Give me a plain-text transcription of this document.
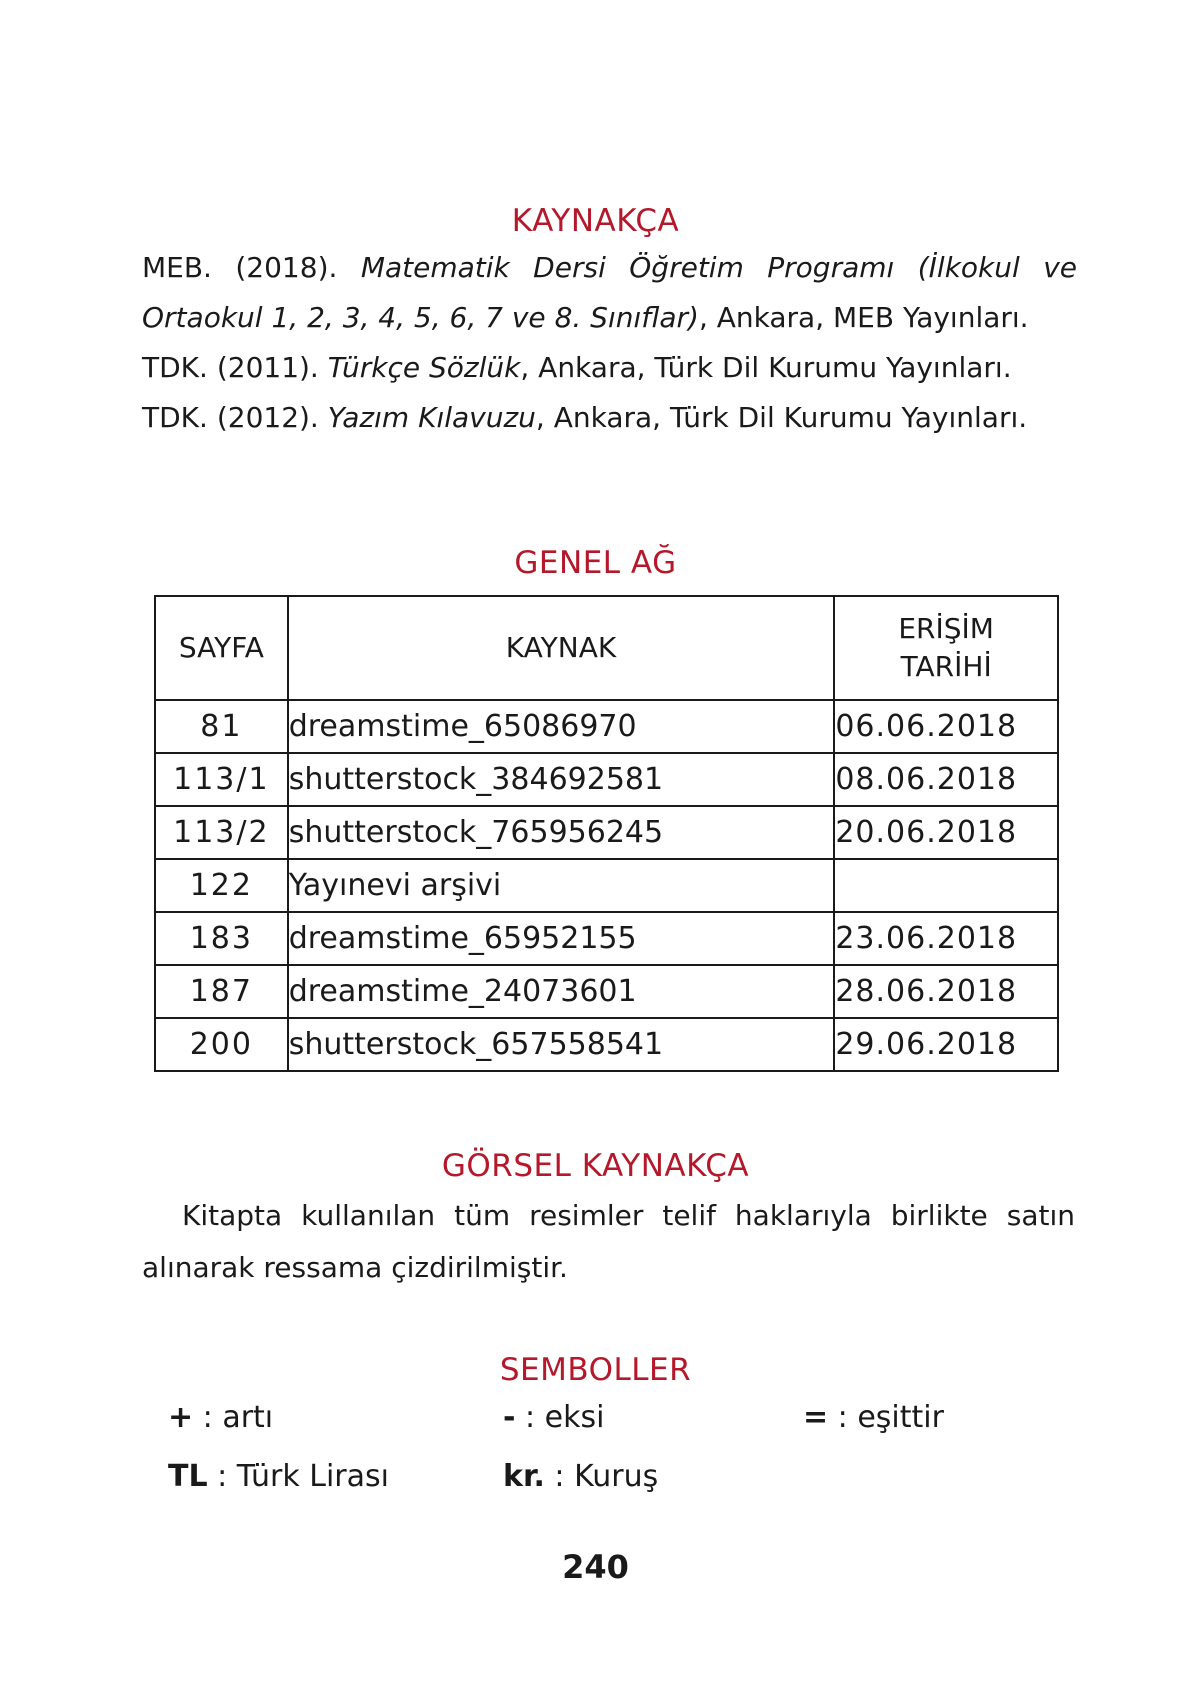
KAYNAKÇA
MEB. (2018). Matematik Dersi Öğretim Programı (İlkokul ve Ortaokul 1, 2, 3, 4, 5, 6, 7 ve 8. Sınıflar), Ankara, MEB Yayınları.
TDK. (2011). Türkçe Sözlük, Ankara, Türk Dil Kurumu Yayınları.
TDK. (2012). Yazım Kılavuzu, Ankara, Türk Dil Kurumu Yayınları.
GENEL AĞ
SAYFA	KAYNAK	ERİŞİM
TARİHİ

81	dreamstime_65086970	06.06.2018
113/1	shutterstock_384692581	08.06.2018
113/2	shutterstock_765956245	20.06.2018
122	Yayınevi arşivi	
183	dreamstime_65952155	23.06.2018
187	dreamstime_24073601	28.06.2018
200	shutterstock_657558541	29.06.2018
GÖRSEL KAYNAKÇA
Kitapta kullanılan tüm resimler telif haklarıyla birlikte satın alınarak ressama çizdirilmiştir.
SEMBOLLER
+ : artı	- : eksi	= : eşittir
TL : Türk Lirası	kr. : Kuruş
240
